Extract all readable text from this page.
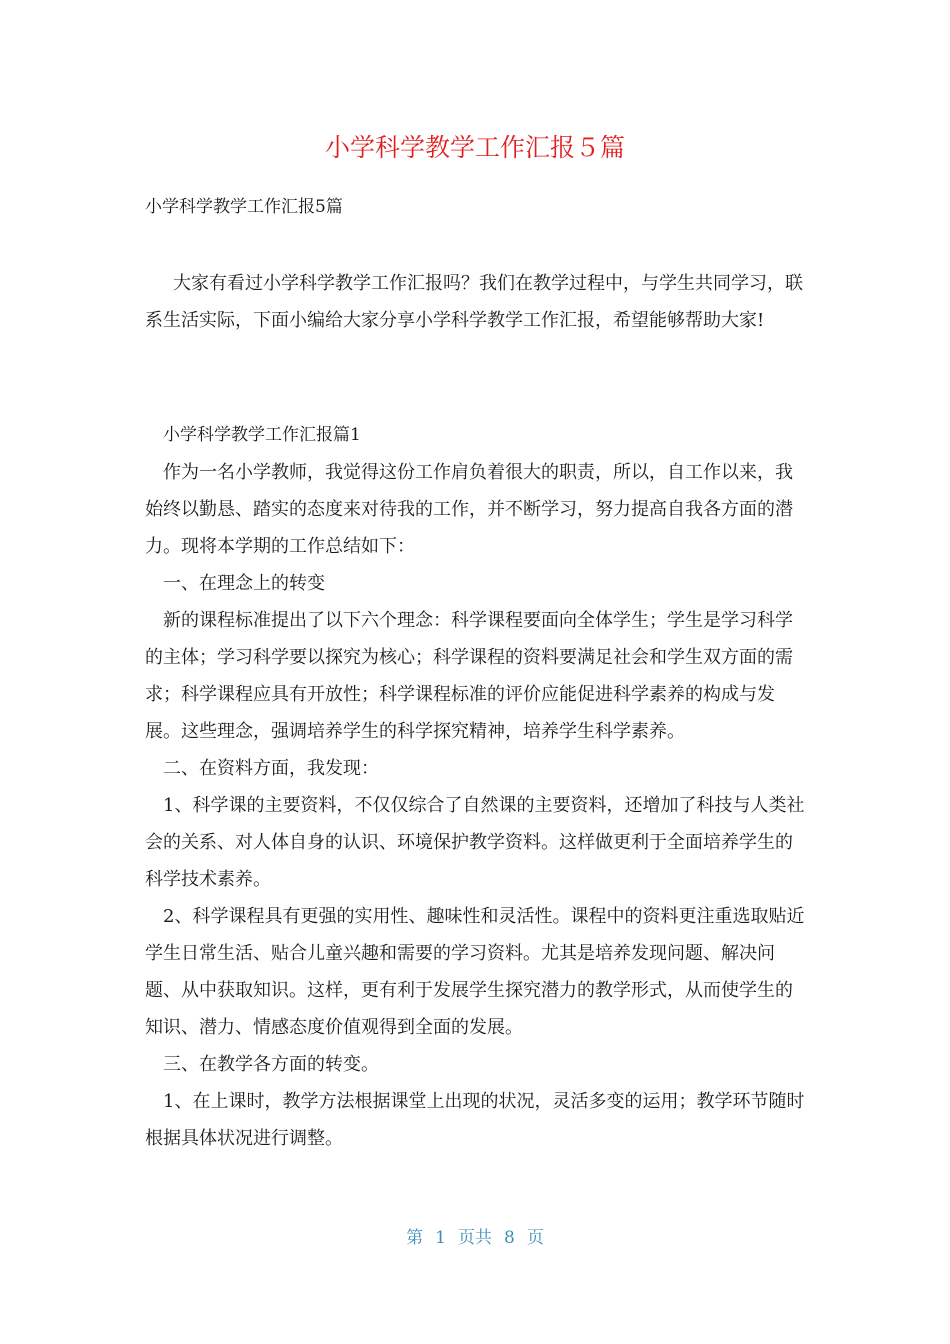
小学科学教学工作汇报５篇

小学科学教学工作汇报5篇

大家有看过小学科学教学工作汇报吗？我们在教学过程中，与学生共同学习，联系生活实际，下面小编给大家分享小学科学教学工作汇报，希望能够帮助大家!

小学科学教学工作汇报篇1

作为一名小学教师，我觉得这份工作肩负着很大的职责，所以，自工作以来，我始终以勤恳、踏实的态度来对待我的工作，并不断学习，努力提高自我各方面的潜力。现将本学期的工作总结如下：

一、在理念上的转变

新的课程标准提出了以下六个理念：科学课程要面向全体学生；学生是学习科学的主体；学习科学要以探究为核心；科学课程的资料要满足社会和学生双方面的需求；科学课程应具有开放性；科学课程标准的评价应能促进科学素养的构成与发展。这些理念，强调培养学生的科学探究精神，培养学生科学素养。

二、在资料方面，我发现：

1、科学课的主要资料，不仅仅综合了自然课的主要资料，还增加了科技与人类社会的关系、对人体自身的认识、环境保护教学资料。这样做更利于全面培养学生的科学技术素养。

2、科学课程具有更强的实用性、趣味性和灵活性。课程中的资料更注重选取贴近学生日常生活、贴合儿童兴趣和需要的学习资料。尤其是培养发现问题、解决问题、从中获取知识。这样，更有利于发展学生探究潜力的教学形式，从而使学生的知识、潜力、情感态度价值观得到全面的发展。

三、在教学各方面的转变。

1、在上课时，教学方法根据课堂上出现的状况，灵活多变的运用；教学环节随时根据具体状况进行调整。

第 1 页共 8 页
